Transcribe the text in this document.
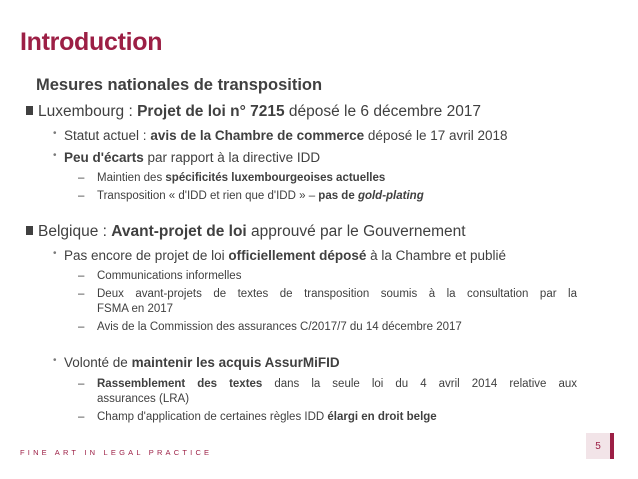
Introduction
Mesures nationales de transposition
Luxembourg : Projet de loi n° 7215 déposé le 6 décembre 2017
• Statut actuel : avis de la Chambre de commerce déposé le 17 avril 2018
• Peu d'écarts par rapport à la directive IDD
– Maintien des spécificités luxembourgeoises actuelles
– Transposition « d'IDD et rien que d'IDD » – pas de gold-plating
Belgique : Avant-projet de loi approuvé par le Gouvernement
• Pas encore de projet de loi officiellement déposé à la Chambre et publié
– Communications informelles
– Deux avant-projets de textes de transposition soumis à la consultation par la
FSMA en 2017
– Avis de la Commission des assurances C/2017/7 du 14 décembre 2017
• Volonté de maintenir les acquis AssurMiFID
– Rassemblement des textes dans la seule loi du 4 avril 2014 relative aux
assurances (LRA)
– Champ d'application de certaines règles IDD élargi en droit belge
FINE ART IN LEGAL PRACTICE
5
